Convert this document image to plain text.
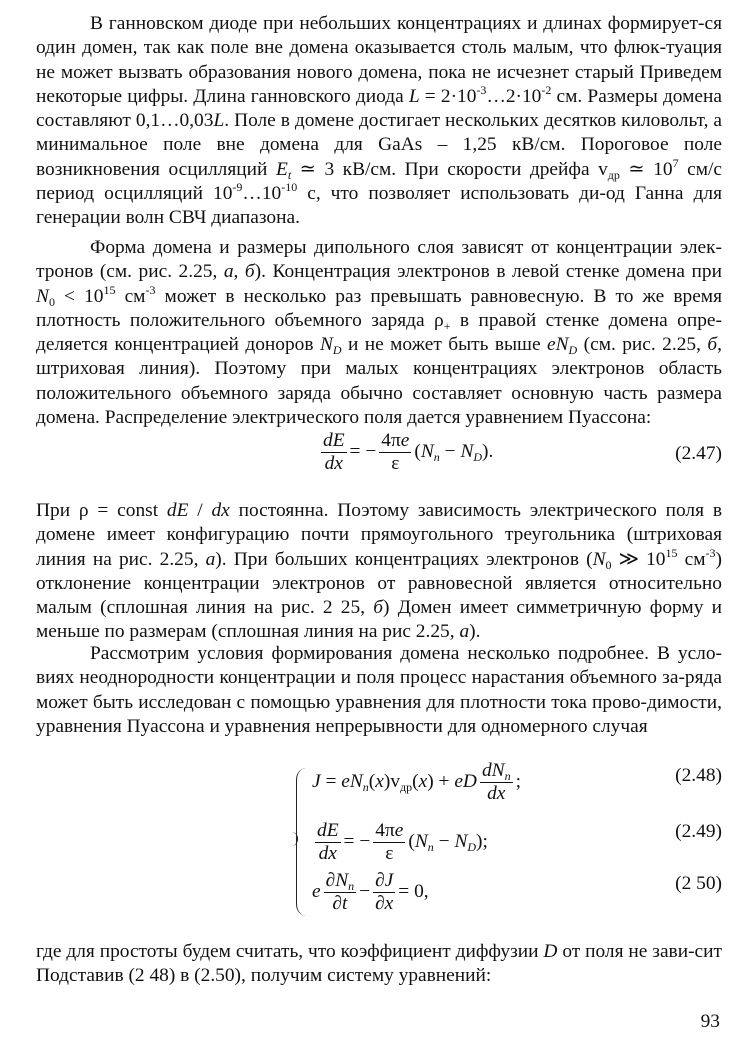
В ганновском диоде при небольших концентрациях и длинах формирует-ся один домен, так как поле вне домена оказывается столь малым, что флюк-туация не может вызвать образования нового домена, пока не исчезнет старый Приведем некоторые цифры. Длина ганновского диода $L = 2\cdot 10^{-3}\dots 2\cdot 10^{-2}$ см. Размеры домена составляют 0,1…0,03L. Поле в домене достигает нескольких десятков киловольт, а минимальное поле вне домена для GaAs – 1,25 кВ/см. Пороговое поле возникновения осцилляций $E_t$ ≃ 3 кВ/см. При скорости дрейфа $v_{др}$ ≃ $10^7$ см/с период осцилляций $10^{-9}\dots 10^{-10}$ с, что позволяет использовать ди-од Ганна для генерации волн СВЧ диапазона.

Форма домена и размеры дипольного слоя зависят от концентрации элек-тронов (см. рис. 2.25, а, б). Концентрация электронов в левой стенке домена при $N_0 < 10^{15}$ $см^{-3}$ может в несколько раз превышать равновесную. В то же время плотность положительного объемного заряда $\rho_+$ в правой стенке домена опре-деляется концентрацией доноров $N_D$ и не может быть выше $eN_D$ (см. рис. 2.25, б, штриховая линия). Поэтому при малых концентрациях электронов область положительного объемного заряда обычно составляет основную часть размера домена. Распределение электрического поля дается уравнением Пуассона:

$\frac{dE}{dx}$ = − $\frac{4\pi e}{\varepsilon} (N_n - N_D)$.	(2.47)

При ρ = const dE / dx постоянна. Поэтому зависимость электрического поля в домене имеет конфигурацию почти прямоугольного треугольника (штриховая линия на рис. 2.25, а). При больших концентрациях электронов ($N_0$ ≫ $10^{15}$ $см^{-3}$) отклонение концентрации электронов от равновесной является относительно малым (сплошная линия на рис. 2 25, б) Домен имеет симметричную форму и меньше по размерам (сплошная линия на рис 2.25, а).

Рассмотрим условия формирования домена несколько подробнее. В усло-виях неоднородности концентрации и поля процесс нарастания объемного за-ряда может быть исследован с помощью уравнения для плотности тока прово-димости, уравнения Пуассона и уравнения непрерывности для одномерного случая

$J = eN_n(x)v_{др}(x)$ + eD $\frac{dN_n}{dx}$ ;	(2.48)
$\frac{dE}{dx}$ = − $\frac{4\pi e}{\varepsilon} (N_n - N_D)$;	(2.49)
e $\frac{\partial N_n}{\partial t} - \frac{\partial J}{\partial x} = 0$,	(2 50)

где для простоты будем считать, что коэффициент диффузии D от поля не зави-сит Подставив (2 48) в (2.50), получим систему уравнений:

93
